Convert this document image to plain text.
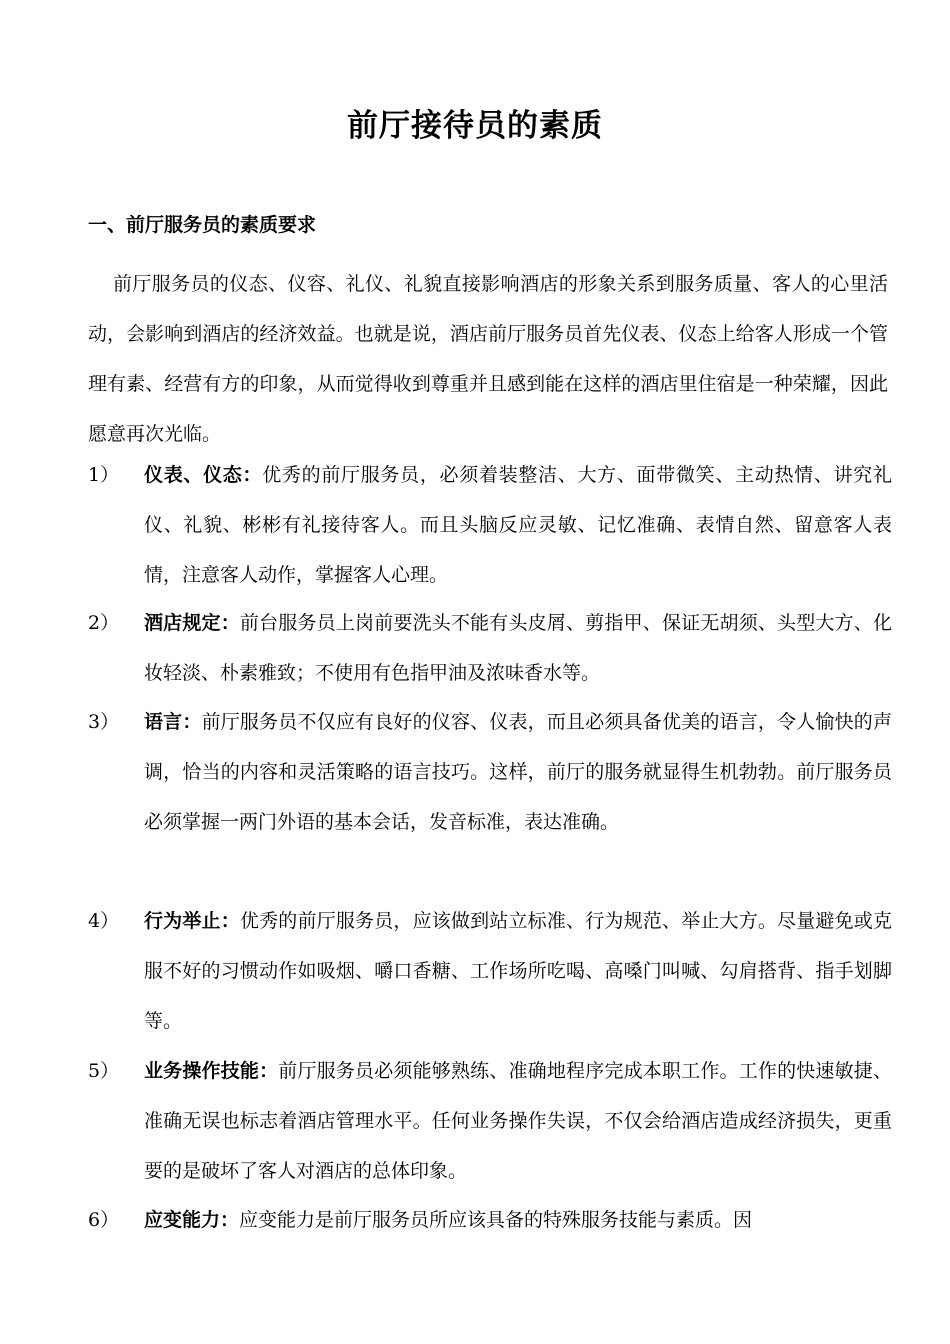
前厅接待员的素质
一、前厅服务员的素质要求

前厅服务员的仪态、仪容、礼仪、礼貌直接影响酒店的形象关系到服务质量、客人的心里活动，会影响到酒店的经济效益。也就是说，酒店前厅服务员首先仪表、仪态上给客人形成一个管理有素、经营有方的印象，从而觉得收到尊重并且感到能在这样的酒店里住宿是一种荣耀，因此愿意再次光临。

1） 仪表、仪态：优秀的前厅服务员，必须着装整洁、大方、面带微笑、主动热情、讲究礼仪、礼貌、彬彬有礼接待客人。而且头脑反应灵敏、记忆准确、表情自然、留意客人表情，注意客人动作，掌握客人心理。

2） 酒店规定：前台服务员上岗前要洗头不能有头皮屑、剪指甲、保证无胡须、头型大方、化妆轻淡、朴素雅致；不使用有色指甲油及浓味香水等。

3） 语言：前厅服务员不仅应有良好的仪容、仪表，而且必须具备优美的语言，令人愉快的声调，恰当的内容和灵活策略的语言技巧。这样，前厅的服务就显得生机勃勃。前厅服务员必须掌握一两门外语的基本会话，发音标准，表达准确。

4） 行为举止：优秀的前厅服务员，应该做到站立标准、行为规范、举止大方。尽量避免或克服不好的习惯动作如吸烟、嚼口香糖、工作场所吃喝、高嗓门叫喊、勾肩搭背、指手划脚等。

5） 业务操作技能：前厅服务员必须能够熟练、准确地程序完成本职工作。工作的快速敏捷、准确无误也标志着酒店管理水平。任何业务操作失误，不仅会给酒店造成经济损失，更重要的是破坏了客人对酒店的总体印象。

6） 应变能力：应变能力是前厅服务员所应该具备的特殊服务技能与素质。因
